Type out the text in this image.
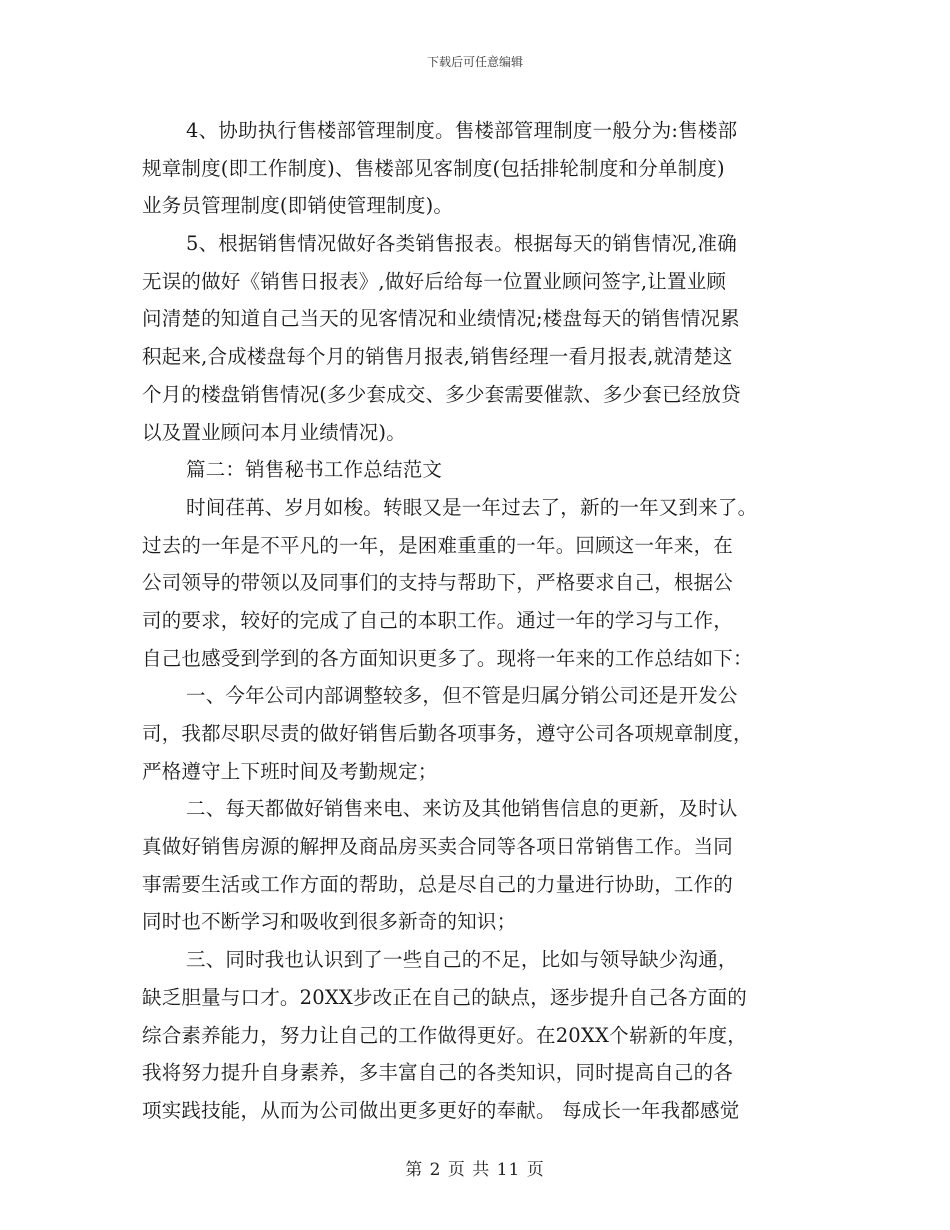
下载后可任意编辑
4、协助执行售楼部管理制度。售楼部管理制度一般分为:售楼部
规章制度(即工作制度)、售楼部见客制度(包括排轮制度和分单制度)
业务员管理制度(即销使管理制度)。
5、根据销售情况做好各类销售报表。根据每天的销售情况,准确
无误的做好《销售日报表》,做好后给每一位置业顾问签字,让置业顾
问清楚的知道自己当天的见客情况和业绩情况;楼盘每天的销售情况累
积起来,合成楼盘每个月的销售月报表,销售经理一看月报表,就清楚这
个月的楼盘销售情况(多少套成交、多少套需要催款、多少套已经放贷
以及置业顾问本月业绩情况)。
篇二：销售秘书工作总结范文
时间荏苒、岁月如梭。转眼又是一年过去了，新的一年又到来了。
过去的一年是不平凡的一年，是困难重重的一年。回顾这一年来，在
公司领导的带领以及同事们的支持与帮助下，严格要求自己，根据公
司的要求，较好的完成了自己的本职工作。通过一年的学习与工作，
自己也感受到学到的各方面知识更多了。现将一年来的工作总结如下：
一、今年公司内部调整较多，但不管是归属分销公司还是开发公
司，我都尽职尽责的做好销售后勤各项事务，遵守公司各项规章制度，
严格遵守上下班时间及考勤规定；
二、每天都做好销售来电、来访及其他销售信息的更新，及时认
真做好销售房源的解押及商品房买卖合同等各项日常销售工作。当同
事需要生活或工作方面的帮助，总是尽自己的力量进行协助，工作的
同时也不断学习和吸收到很多新奇的知识；
三、同时我也认识到了一些自己的不足，比如与领导缺少沟通，
缺乏胆量与口才。20XX步改正在自己的缺点，逐步提升自己各方面的
综合素养能力，努力让自己的工作做得更好。在20XX个崭新的年度，
我将努力提升自身素养，多丰富自己的各类知识，同时提高自己的各
项实践技能，从而为公司做出更多更好的奉献。 每成长一年我都感觉
第 2 页 共 11 页
